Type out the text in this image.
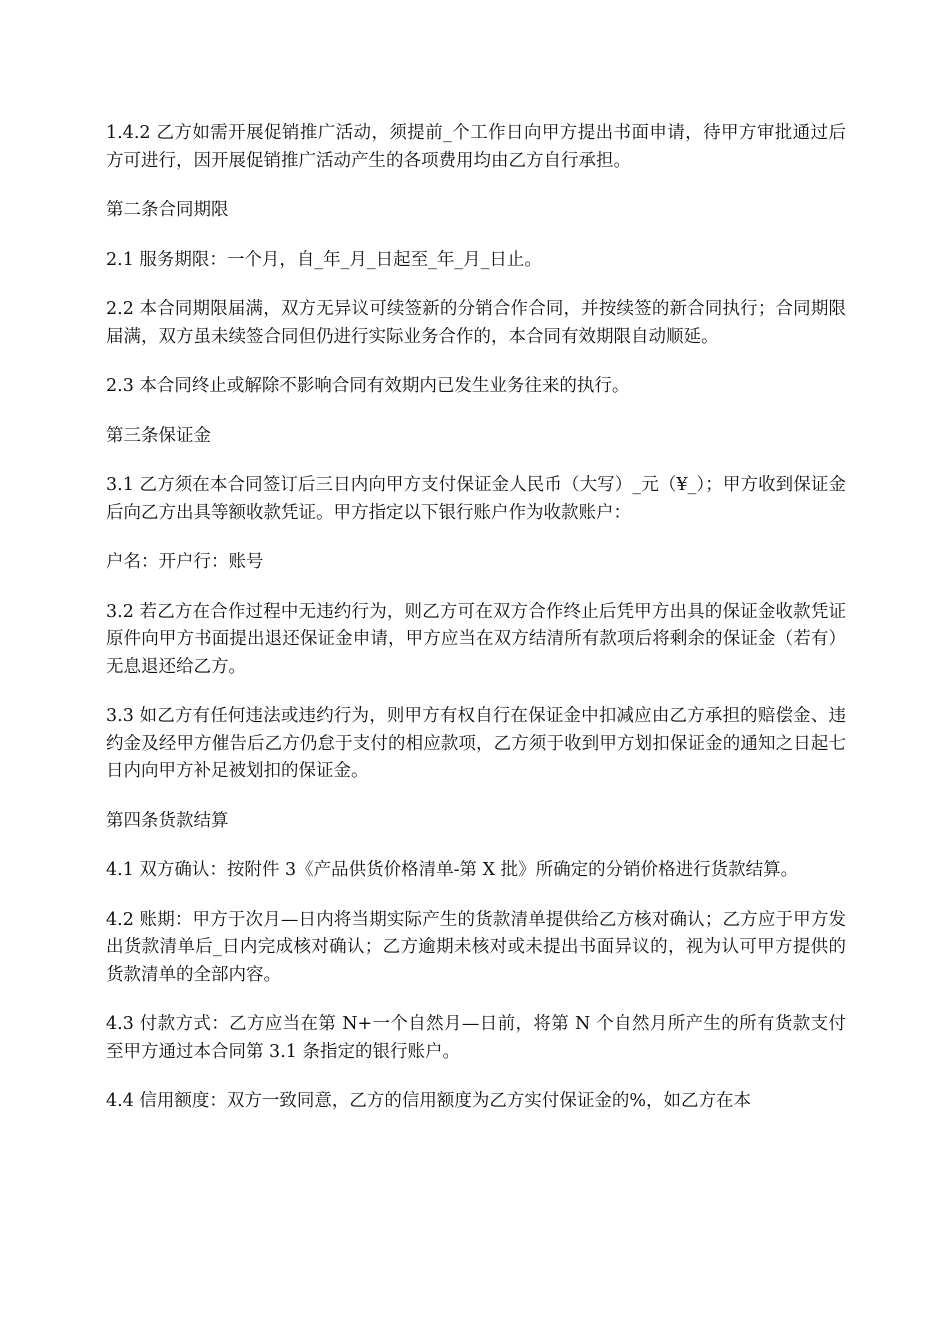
1.4.2 乙方如需开展促销推广活动，须提前_个工作日向甲方提出书面申请，待甲方审批通过后方可进行，因开展促销推广活动产生的各项费用均由乙方自行承担。

第二条合同期限

2.1 服务期限：一个月，自_年_月_日起至_年_月_日止。

2.2 本合同期限届满，双方无异议可续签新的分销合作合同，并按续签的新合同执行；合同期限届满，双方虽未续签合同但仍进行实际业务合作的，本合同有效期限自动顺延。

2.3 本合同终止或解除不影响合同有效期内已发生业务往来的执行。

第三条保证金

3.1 乙方须在本合同签订后三日内向甲方支付保证金人民币（大写）_元（¥_）；甲方收到保证金后向乙方出具等额收款凭证。甲方指定以下银行账户作为收款账户：

户名：开户行：账号

3.2 若乙方在合作过程中无违约行为，则乙方可在双方合作终止后凭甲方出具的保证金收款凭证原件向甲方书面提出退还保证金申请，甲方应当在双方结清所有款项后将剩余的保证金（若有）无息退还给乙方。

3.3 如乙方有任何违法或违约行为，则甲方有权自行在保证金中扣减应由乙方承担的赔偿金、违约金及经甲方催告后乙方仍怠于支付的相应款项，乙方须于收到甲方划扣保证金的通知之日起七日内向甲方补足被划扣的保证金。

第四条货款结算

4.1 双方确认：按附件 3《产品供货价格清单-第 X 批》所确定的分销价格进行货款结算。

4.2 账期：甲方于次月—日内将当期实际产生的货款清单提供给乙方核对确认；乙方应于甲方发出货款清单后_日内完成核对确认；乙方逾期未核对或未提出书面异议的，视为认可甲方提供的货款清单的全部内容。

4.3 付款方式：乙方应当在第 N+一个自然月—日前，将第 N 个自然月所产生的所有货款支付至甲方通过本合同第 3.1 条指定的银行账户。

4.4 信用额度：双方一致同意，乙方的信用额度为乙方实付保证金的%，如乙方在本
